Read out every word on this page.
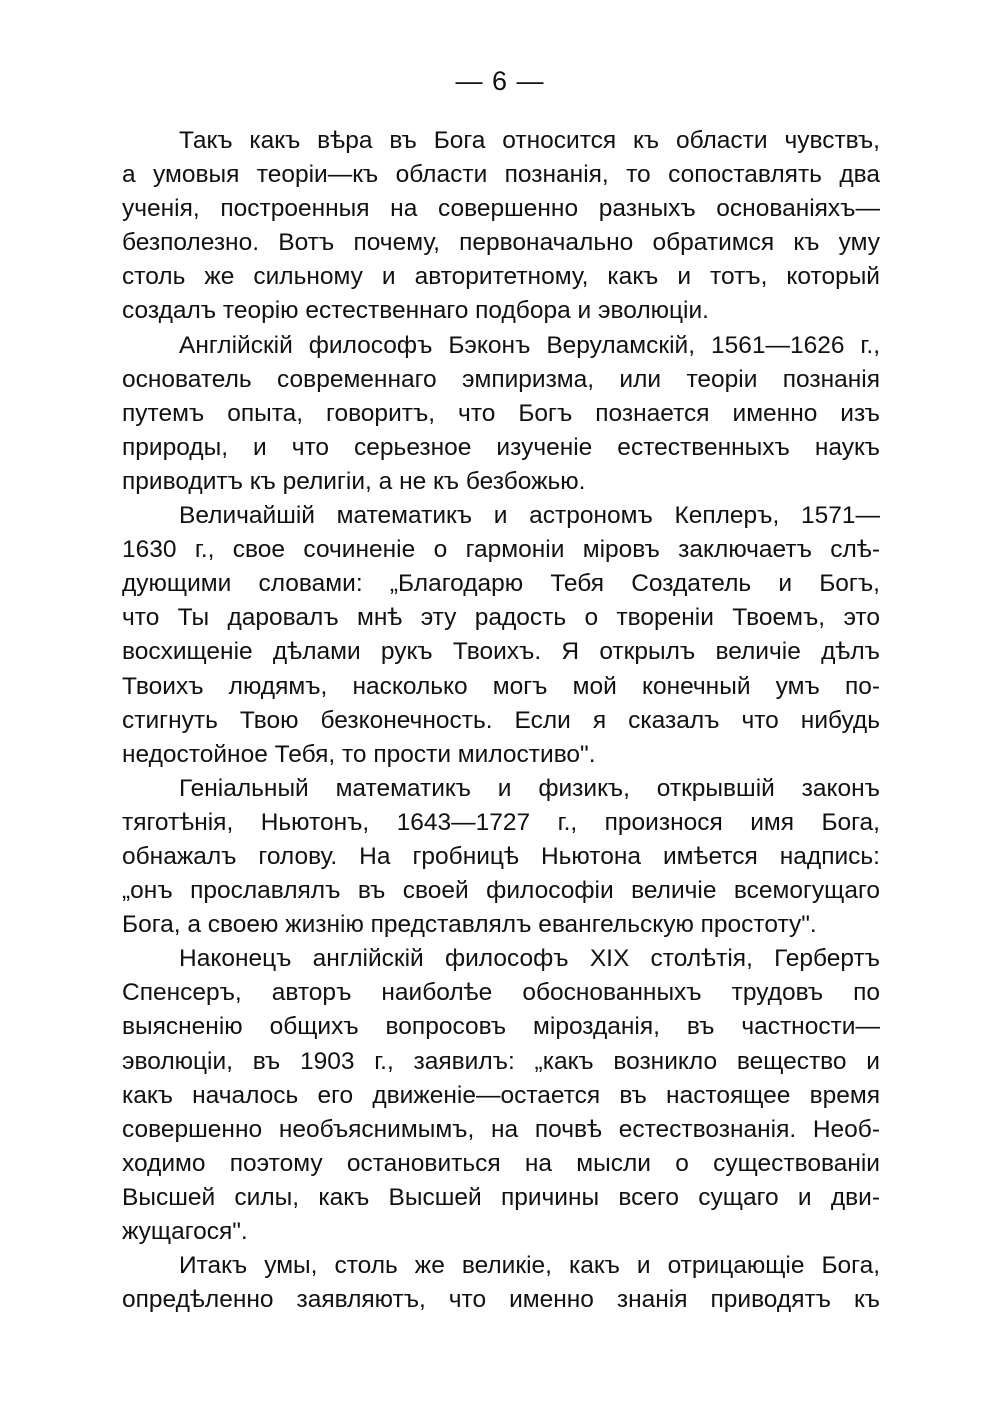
— 6 —
Такъ какъ вѣра въ Бога относится къ области чувствъ,
а умовыя теоріи—къ области познанія, то сопоставлять два
ученія, построенныя на совершенно разныхъ основаніяхъ—
безполезно. Вотъ почему, первоначально обратимся къ уму
столь же сильному и авторитетному, какъ и тотъ, который
создалъ теорію естественнаго подбора и эволюціи.
Англійскій философъ Бэконъ Веруламскій, 1561—1626 г.,
основатель современнаго эмпиризма, или теоріи познанія
путемъ опыта, говоритъ, что Богъ познается именно изъ
природы, и что серьезное изученіе естественныхъ наукъ
приводитъ къ религіи, а не къ безбожью.
Величайшій математикъ и астрономъ Кеплеръ, 1571—
1630 г., свое сочиненіе о гармоніи міровъ заключаетъ слѣ-
дующими словами: „Благодарю Тебя Создатель и Богъ,
что Ты даровалъ мнѣ эту радость о твореніи Твоемъ, это
восхищеніе дѣлами рукъ Твоихъ. Я открылъ величіе дѣлъ
Твоихъ людямъ, насколько могъ мой конечный умъ по-
стигнуть Твою безконечность. Если я сказалъ что нибудь
недостойное Тебя, то прости милостиво".
Геніальный математикъ и физикъ, открывшій законъ
тяготѣнія, Ньютонъ, 1643—1727 г., произнося имя Бога,
обнажалъ голову. На гробницѣ Ньютона имѣется надпись:
„онъ прославлялъ въ своей философіи величіе всемогущаго
Бога, а своею жизнію представлялъ евангельскую простоту".
Наконецъ англійскій философъ XIX столѣтія, Гербертъ
Спенсеръ, авторъ наиболѣе обоснованныхъ трудовъ по
выясненію общихъ вопросовъ мірозданія, въ частности—
эволюціи, въ 1903 г., заявилъ: „какъ возникло вещество и
какъ началось его движеніе—остается въ настоящее время
совершенно необъяснимымъ, на почвѣ естествознанія. Необ-
ходимо поэтому остановиться на мысли о существованіи
Высшей силы, какъ Высшей причины всего сущаго и дви-
жущагося".
Итакъ умы, столь же великіе, какъ и отрицающіе Бога,
опредѣленно заявляютъ, что именно знанія приводятъ къ
